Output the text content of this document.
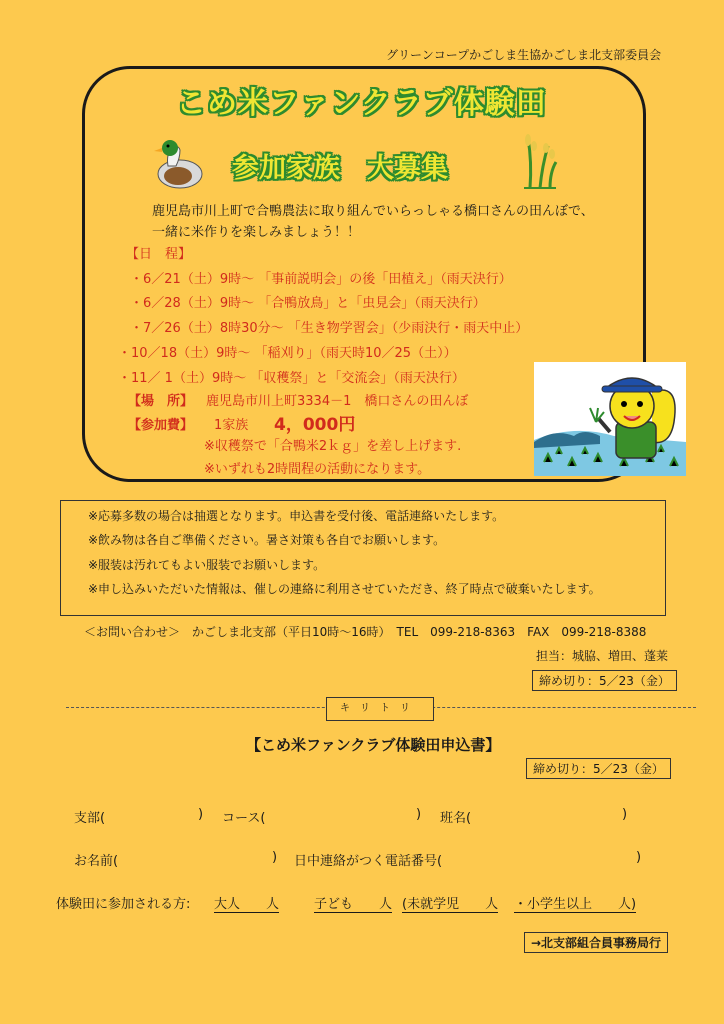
グリーンコープかごしま生協かごしま北支部委員会
こめ米ファンクラブ体験田
参加家族　大募集
鹿児島市川上町で合鴨農法に取り組んでいらっしゃる橋口さんの田んぼで、
一緒に米作りを楽しみましょう！！
【日　程】
・6／21（土）9時～ 「事前説明会」の後「田植え」（雨天決行）
・6／28（土）9時～ 「合鴨放鳥」と「虫見会」（雨天決行）
・7／26（土）8時30分～ 「生き物学習会」（少雨決行・雨天中止）
・10／18（土）9時～ 「稲刈り」（雨天時10／25（土））
・11／ 1（土）9時～ 「収穫祭」と「交流会」（雨天決行）
【場　所】 鹿児島市川上町3334－1　橋口さんの田んぼ
【参加費】 1家族 4，000円
※収穫祭で「合鴨米2ｋｇ」を差し上げます.
※いずれも2時間程の活動になります。
※応募多数の場合は抽選となります。申込書を受付後、電話連絡いたします。
※飲み物は各自ご準備ください。暑さ対策も各自でお願いします。
※服装は汚れてもよい服装でお願いします。
※申し込みいただいた情報は、催しの連絡に利用させていただき、終了時点で破棄いたします。
＜お問い合わせ＞　かごしま北支部（平日10時～16時）　TEL　099-218-8363　FAX　099-218-8388
担当：城脇、増田、蓬莱
締め切り：5／23（金）
キリトリ
【こめ米ファンクラブ体験田申込書】
締め切り：5／23（金）
支部(	) コース(	) 班名(	)
お名前(	) 日中連絡がつく電話番号(	)
体験田に参加される方: 大人　　人	子ども　　人 (未就学児　　人 ・小学生以上　　人)
→北支部組合員事務局行
